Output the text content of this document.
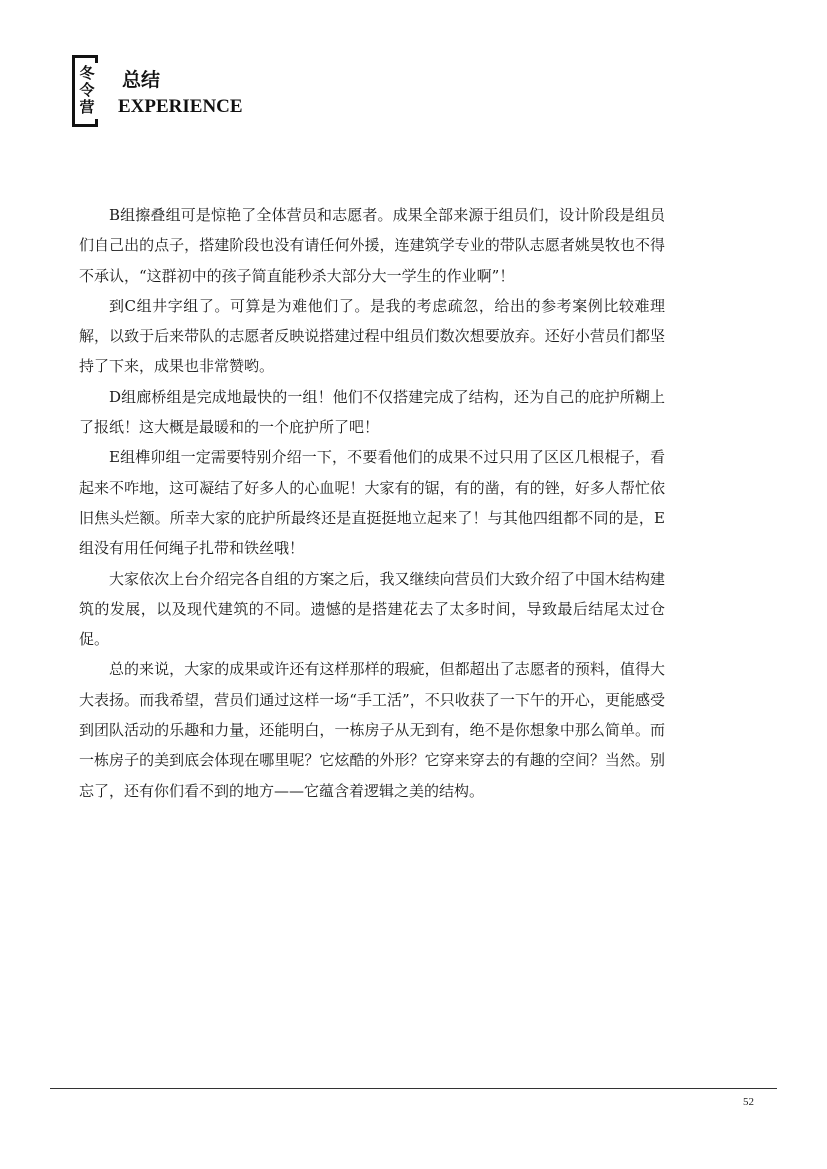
冬
令
营
总结
EXPERIENCE

B组擦叠组可是惊艳了全体营员和志愿者。成果全部来源于组员们，设计阶段是组员们自己出的点子，搭建阶段也没有请任何外援，连建筑学专业的带队志愿者姚昊牧也不得不承认，“这群初中的孩子简直能秒杀大部分大一学生的作业啊”！

到C组井字组了。可算是为难他们了。是我的考虑疏忽，给出的参考案例比较难理解，以致于后来带队的志愿者反映说搭建过程中组员们数次想要放弃。还好小营员们都坚持了下来，成果也非常赞哟。

D组廊桥组是完成地最快的一组！他们不仅搭建完成了结构，还为自己的庇护所糊上了报纸！这大概是最暖和的一个庇护所了吧！

E组榫卯组一定需要特别介绍一下，不要看他们的成果不过只用了区区几根棍子，看起来不咋地，这可凝结了好多人的心血呢！大家有的锯，有的凿，有的锉，好多人帮忙依旧焦头烂额。所幸大家的庇护所最终还是直挺挺地立起来了！与其他四组都不同的是，E组没有用任何绳子扎带和铁丝哦！

大家依次上台介绍完各自组的方案之后，我又继续向营员们大致介绍了中国木结构建筑的发展，以及现代建筑的不同。遗憾的是搭建花去了太多时间，导致最后结尾太过仓促。

总的来说，大家的成果或许还有这样那样的瑕疵，但都超出了志愿者的预料，值得大大表扬。而我希望，营员们通过这样一场“手工活”，不只收获了一下午的开心，更能感受到团队活动的乐趣和力量，还能明白，一栋房子从无到有，绝不是你想象中那么简单。而一栋房子的美到底会体现在哪里呢？它炫酷的外形？它穿来穿去的有趣的空间？当然。别忘了，还有你们看不到的地方——它蕴含着逻辑之美的结构。

52
